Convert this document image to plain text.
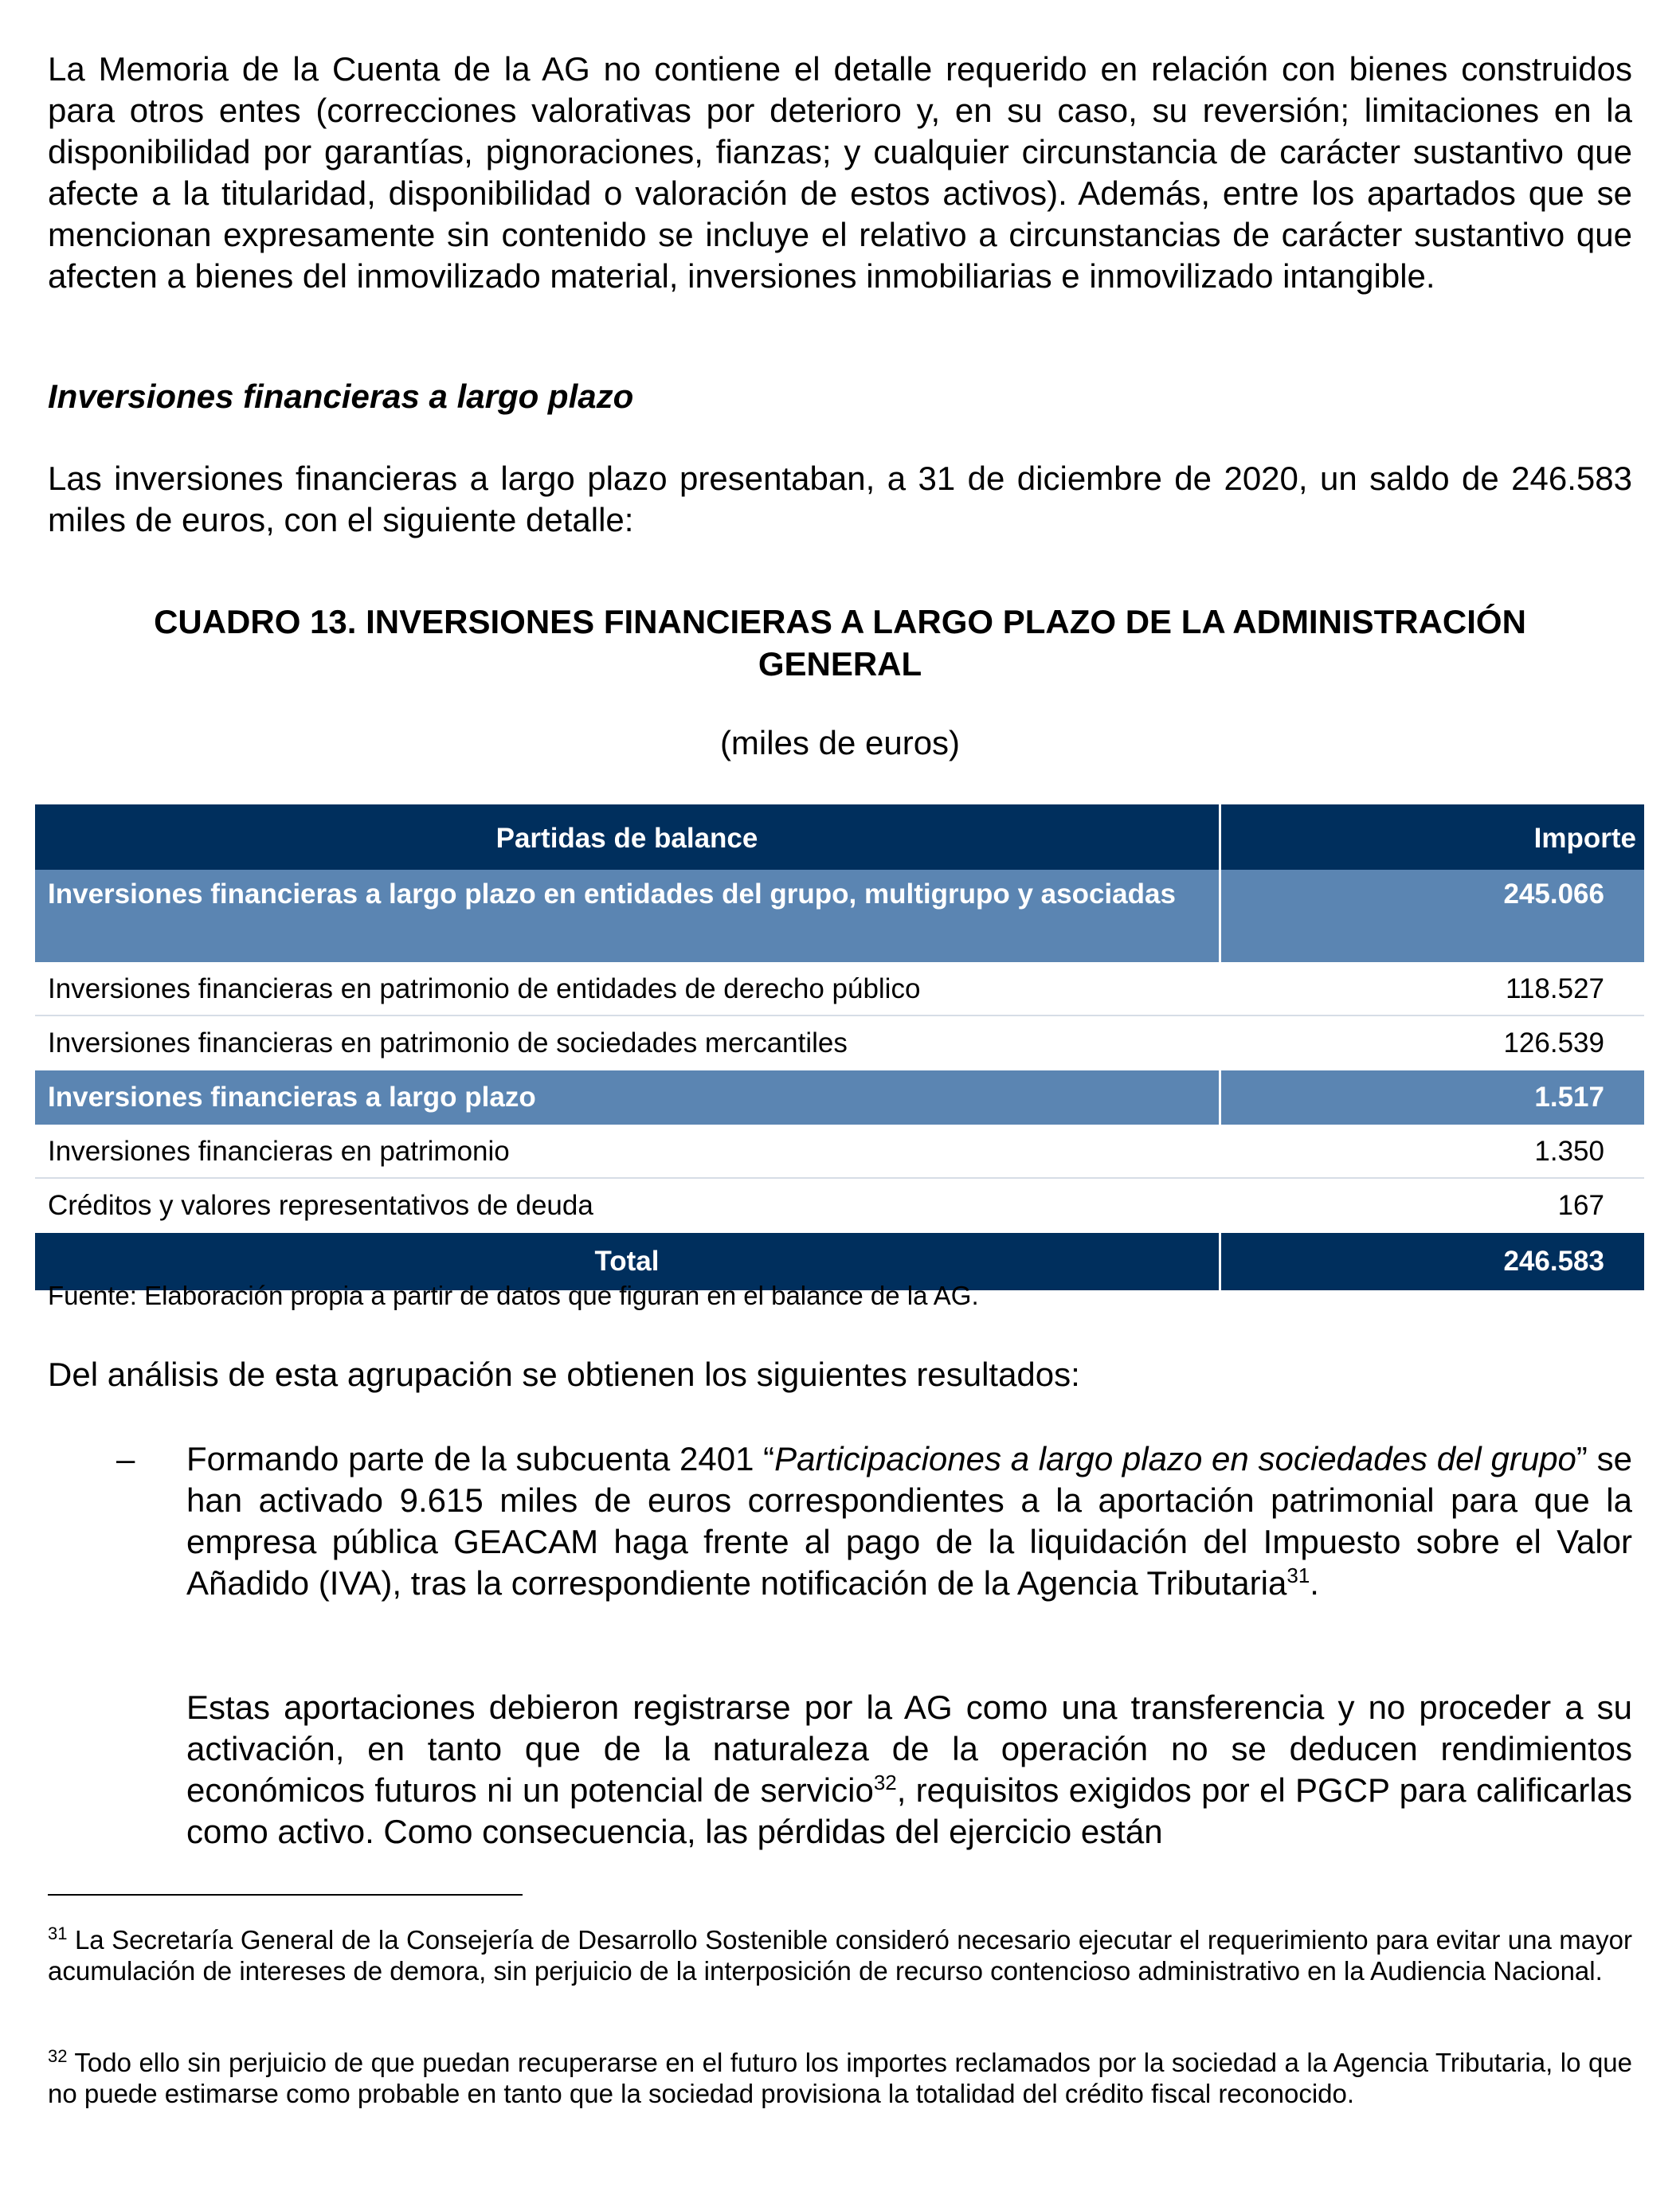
La Memoria de la Cuenta de la AG no contiene el detalle requerido en relación con bienes construidos para otros entes (correcciones valorativas por deterioro y, en su caso, su reversión; limitaciones en la disponibilidad por garantías, pignoraciones, fianzas; y cualquier circunstancia de carácter sustantivo que afecte a la titularidad, disponibilidad o valoración de estos activos). Además, entre los apartados que se mencionan expresamente sin contenido se incluye el relativo a circunstancias de carácter sustantivo que afecten a bienes del inmovilizado material, inversiones inmobiliarias e inmovilizado intangible.

Inversiones financieras a largo plazo

Las inversiones financieras a largo plazo presentaban, a 31 de diciembre de 2020, un saldo de 246.583 miles de euros, con el siguiente detalle:

CUADRO 13. INVERSIONES FINANCIERAS A LARGO PLAZO DE LA ADMINISTRACIÓN

GENERAL

(miles de euros)

Partidas de balance	Importe
Inversiones financieras a largo plazo en entidades del grupo, multigrupo y asociadas	245.066
Inversiones financieras en patrimonio de entidades de derecho público	118.527
Inversiones financieras en patrimonio de sociedades mercantiles	126.539
Inversiones financieras a largo plazo	1.517
Inversiones financieras en patrimonio	1.350
Créditos y valores representativos de deuda	167
Total	246.583

Fuente: Elaboración propia a partir de datos que figuran en el balance de la AG.

Del análisis de esta agrupación se obtienen los siguientes resultados:

– Formando parte de la subcuenta 2401 “Participaciones a largo plazo en sociedades del grupo” se han activado 9.615 miles de euros correspondientes a la aportación patrimonial para que la empresa pública GEACAM haga frente al pago de la liquidación del Impuesto sobre el Valor Añadido (IVA), tras la correspondiente notificación de la Agencia Tributaria$^{31}$.

Estas aportaciones debieron registrarse por la AG como una transferencia y no proceder a su activación, en tanto que de la naturaleza de la operación no se deducen rendimientos económicos futuros ni un potencial de servicio$^{32}$, requisitos exigidos por el PGCP para calificarlas como activo. Como consecuencia, las pérdidas del ejercicio están

$^{31}$ La Secretaría General de la Consejería de Desarrollo Sostenible consideró necesario ejecutar el requerimiento para evitar una mayor acumulación de intereses de demora, sin perjuicio de la interposición de recurso contencioso administrativo en la Audiencia Nacional.

$^{32}$ Todo ello sin perjuicio de que puedan recuperarse en el futuro los importes reclamados por la sociedad a la Agencia Tributaria, lo que no puede estimarse como probable en tanto que la sociedad provisiona la totalidad del crédito fiscal reconocido.
